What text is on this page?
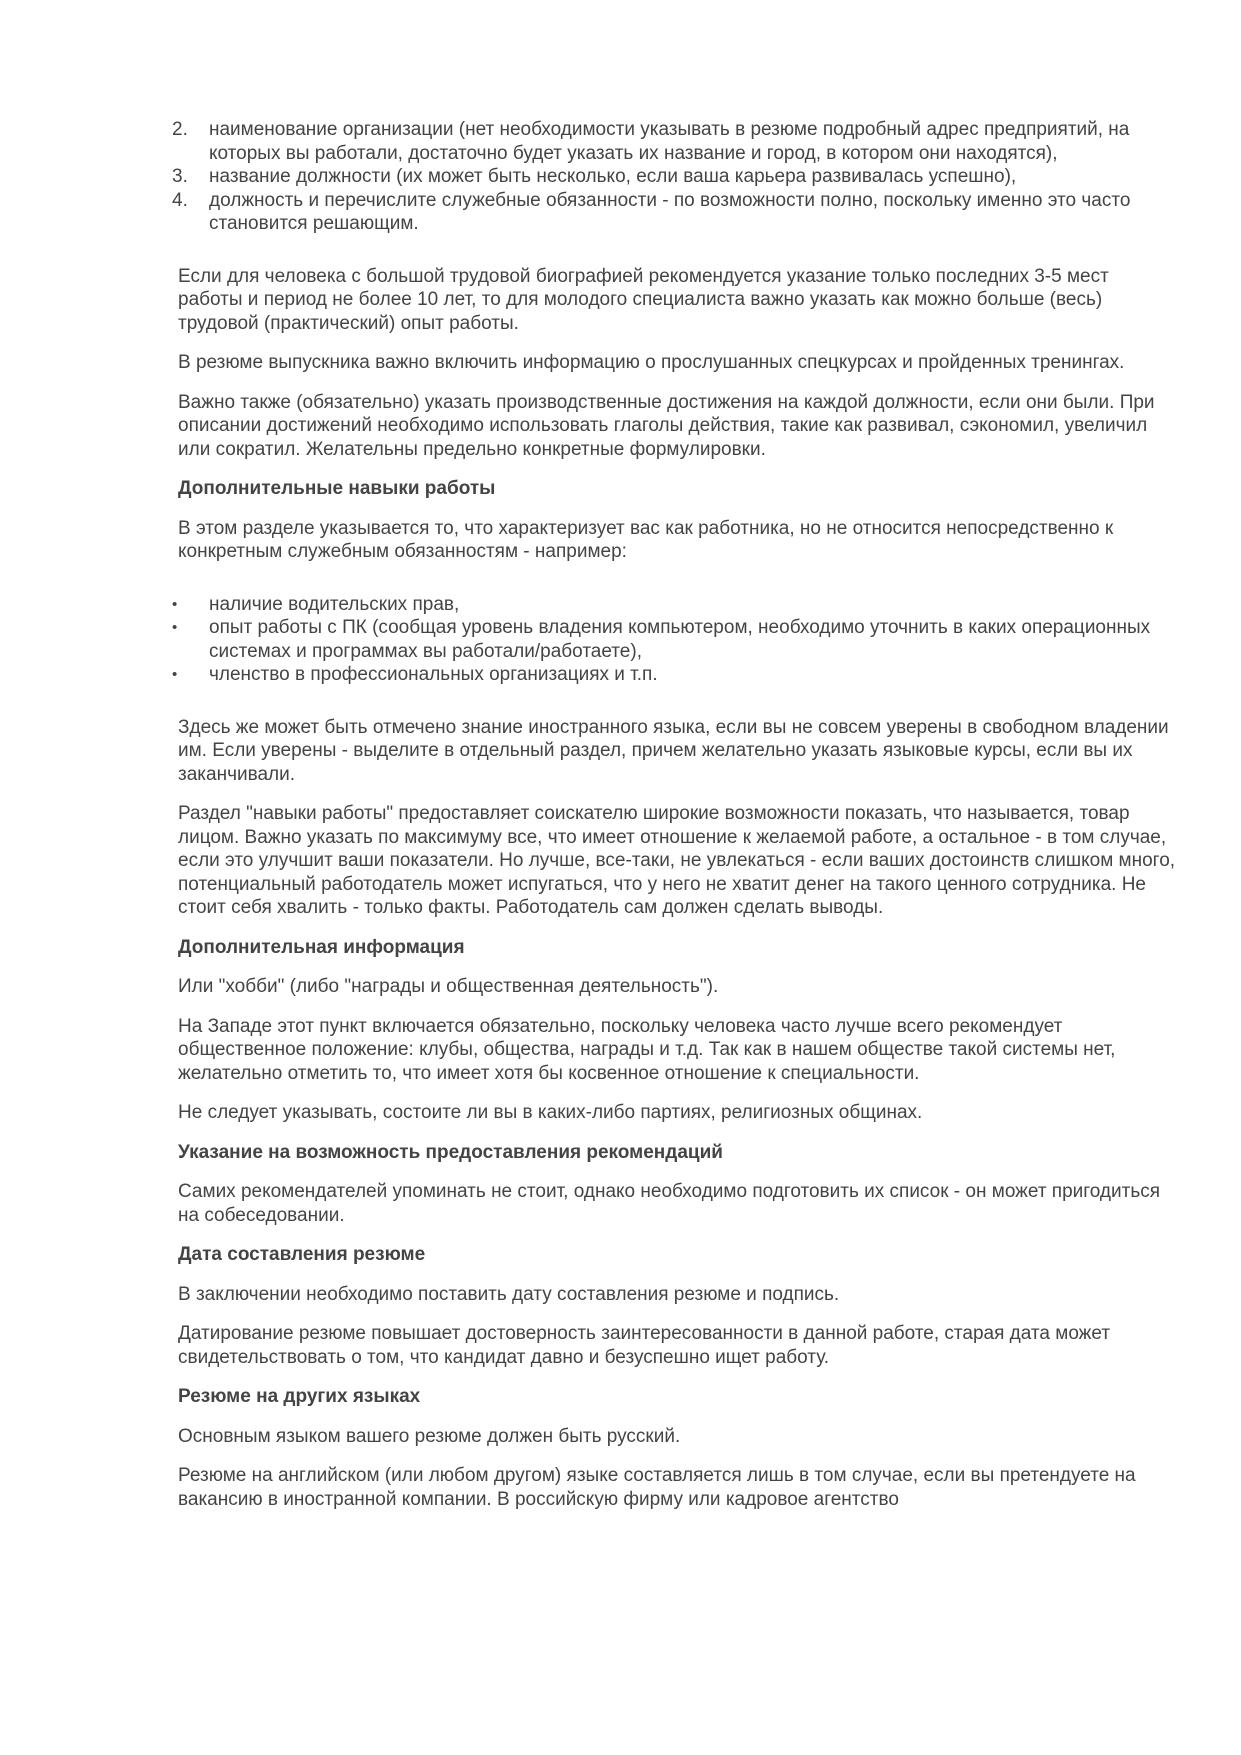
2.	наименование организации (нет необходимости указывать в резюме подробный адрес предприятий, на которых вы работали, достаточно будет указать их название и город, в котором они находятся),
3.	название должности (их может быть несколько, если ваша карьера развивалась успешно),
4.	должность и перечислите служебные обязанности - по возможности полно, поскольку именно это часто становится решающим.

Если для человека с большой трудовой биографией рекомендуется указание только последних 3-5 мест работы и период не более 10 лет, то для молодого специалиста важно указать как можно больше (весь) трудовой (практический) опыт работы.

В резюме выпускника важно включить информацию о прослушанных спецкурсах и пройденных тренингах.

Важно также (обязательно) указать производственные достижения на каждой должности, если они были. При описании достижений необходимо использовать глаголы действия, такие как развивал, сэкономил, увеличил или сократил. Желательны предельно конкретные формулировки.

Дополнительные навыки работы

В этом разделе указывается то, что характеризует вас как работника, но не относится непосредственно к конкретным служебным обязанностям - например:

•	наличие водительских прав,
•	опыт работы с ПК (сообщая уровень владения компьютером, необходимо уточнить в каких операционных системах и программах вы работали/работаете),
•	членство в профессиональных организациях и т.п.

Здесь же может быть отмечено знание иностранного языка, если вы не совсем уверены в свободном владении им. Если уверены - выделите в отдельный раздел, причем желательно указать языковые курсы, если вы их заканчивали.

Раздел "навыки работы" предоставляет соискателю широкие возможности показать, что называется, товар лицом. Важно указать по максимуму все, что имеет отношение к желаемой работе, а остальное - в том случае, если это улучшит ваши показатели. Но лучше, все-таки, не увлекаться - если ваших достоинств слишком много, потенциальный работодатель может испугаться, что у него не хватит денег на такого ценного сотрудника. Не стоит себя хвалить - только факты. Работодатель сам должен сделать выводы.

Дополнительная информация

Или "хобби" (либо "награды и общественная деятельность").

На Западе этот пункт включается обязательно, поскольку человека часто лучше всего рекомендует общественное положение: клубы, общества, награды и т.д. Так как в нашем обществе такой системы нет, желательно отметить то, что имеет хотя бы косвенное отношение к специальности.

Не следует указывать, состоите ли вы в каких-либо партиях, религиозных общинах.

Указание на возможность предоставления рекомендаций

Самих рекомендателей упоминать не стоит, однако необходимо подготовить их список - он может пригодиться на собеседовании.

Дата составления резюме

В заключении необходимо поставить дату составления резюме и подпись.

Датирование резюме повышает достоверность заинтересованности в данной работе, старая дата может свидетельствовать о том, что кандидат давно и безуспешно ищет работу.

Резюме на других языках

Основным языком вашего резюме должен быть русский.

Резюме на английском (или любом другом) языке составляется лишь в том случае, если вы претендуете на вакансию в иностранной компании. В российскую фирму или кадровое агентство
